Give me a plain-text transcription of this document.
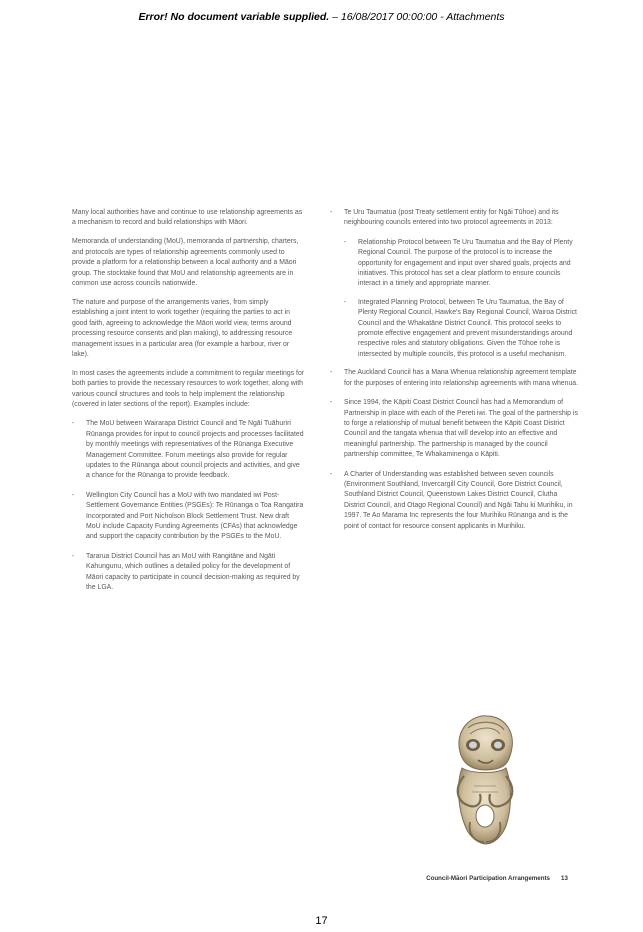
Error! No document variable supplied. – 16/08/2017 00:00:00 - Attachments

Many local authorities have and continue to use relationship agreements as a mechanism to record and build relationships with Māori.

Memoranda of understanding (MoU), memoranda of partnership, charters, and protocols are types of relationship agreements commonly used to provide a platform for a relationship between a local authority and a Māori group. The stocktake found that MoU and relationship agreements are in common use across councils nationwide.

The nature and purpose of the arrangements varies, from simply establishing a joint intent to work together (requiring the parties to act in good faith, agreeing to acknowledge the Māori world view, terms around processing resource consents and plan making), to addressing resource management issues in a particular area (for example a harbour, river or lake).

In most cases the agreements include a commitment to regular meetings for both parties to provide the necessary resources to work together, along with various council structures and tools to help implement the relationship (covered in later sections of the report). Examples include:

- The MoU between Wairarapa District Council and Te Ngāi Tuāhuriri Rūnanga provides for input to council projects and processes facilitated by monthly meetings with representatives of the Rūnanga Executive Management Committee. Forum meetings also provide for regular updates to the Rūnanga about council projects and activities, and give a chance for the Rūnanga to provide feedback.
- Wellington City Council has a MoU with two mandated iwi Post-Settlement Governance Entities (PSGEs): Te Rūnanga o Toa Rangatira Incorporated and Port Nicholson Block Settlement Trust. New draft MoU include Capacity Funding Agreements (CFAs) that acknowledge and support the capacity contribution by the PSGEs to the MoU.
- Tararua District Council has an MoU with Rangitāne and Ngāti Kahungunu, which outlines a detailed policy for the development of Māori capacity to participate in council decision-making as required by the LGA.
- Te Uru Taumatua (post Treaty settlement entity for Ngāi Tūhoe) and its neighbouring councils entered into two protocol agreements in 2013:
- Relationship Protocol between Te Uru Taumatua and the Bay of Plenty Regional Council. The purpose of the protocol is to increase the opportunity for engagement and input over shared goals, projects and initiatives. This protocol has set a clear platform to ensure councils interact in a timely and appropriate manner.
- Integrated Planning Protocol, between Te Uru Taumatua, the Bay of Plenty Regional Council, Hawke's Bay Regional Council, Wairoa District Council and the Whakatāne District Council. This protocol seeks to promote effective engagement and prevent misunderstandings around respective roles and statutory obligations. Given the Tūhoe rohe is intersected by multiple councils, this protocol is a useful mechanism.
- The Auckland Council has a Mana Whenua relationship agreement template for the purposes of entering into relationship agreements with mana whenua.
- Since 1994, the Kāpiti Coast District Council has had a Memorandum of Partnership in place with each of the Pereti iwi. The goal of the partnership is to forge a relationship of mutual benefit between the Kāpiti Coast District Council and the tangata whenua that will develop into an effective and meaningful partnership. The partnership is managed by the council partnership committee, Te Whakaminenga o Kāpiti.
- A Charter of Understanding was established between seven councils (Environment Southland, Invercargill City Council, Gore District Council, Southland District Council, Queenstown Lakes District Council, Clutha District Council, and Otago Regional Council) and Ngāi Tahu ki Murihiku, in 1997. Te Ao Marama Inc represents the four Murihiku Rūnanga and is the point of contact for resource consent applicants in Murihiku.
Council-Māori Participation Arrangements 13
17
